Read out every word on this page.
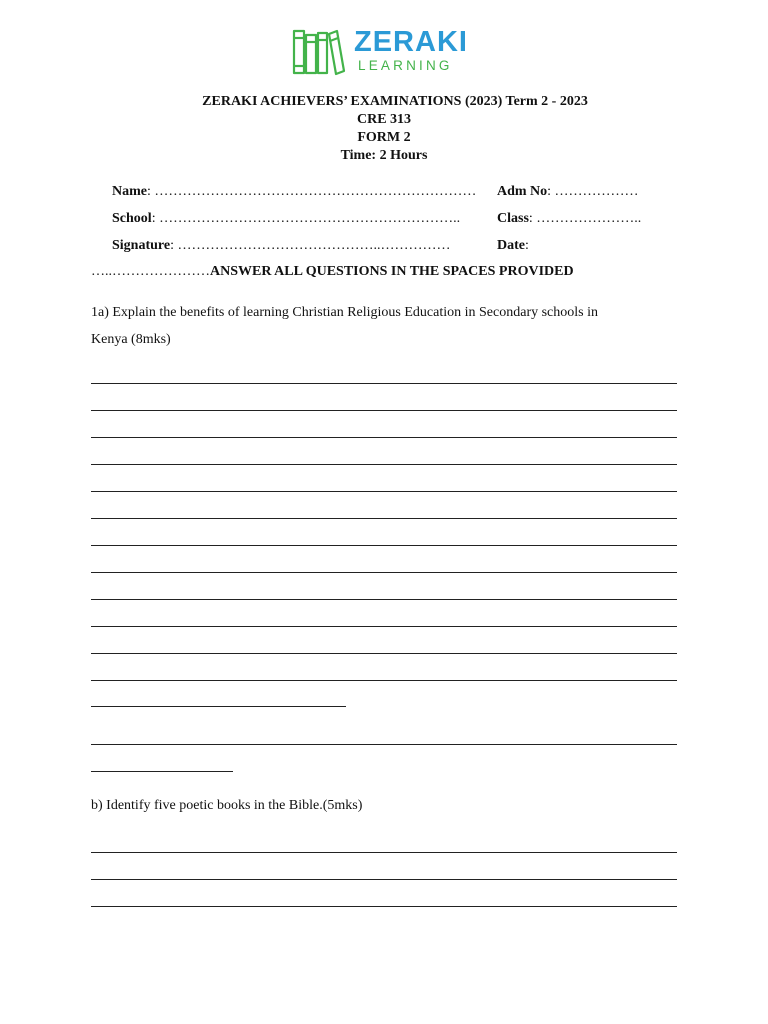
ZERAKI
LEARNING
ZERAKI ACHIEVERS’ EXAMINATIONS (2023) Term 2 - 2023
CRE 313
FORM 2
Time: 2 Hours
Name: …………………………………………………………… Adm No: ………………
School: ………………………………………………………..	Class: …………………..
Signature: ……………………………………..……………	Date:
…..…………………ANSWER ALL QUESTIONS IN THE SPACES PROVIDED
1a) Explain the benefits of learning Christian Religious Education in Secondary schools in
Kenya (8mks)
b) Identify five poetic books in the Bible.(5mks)
